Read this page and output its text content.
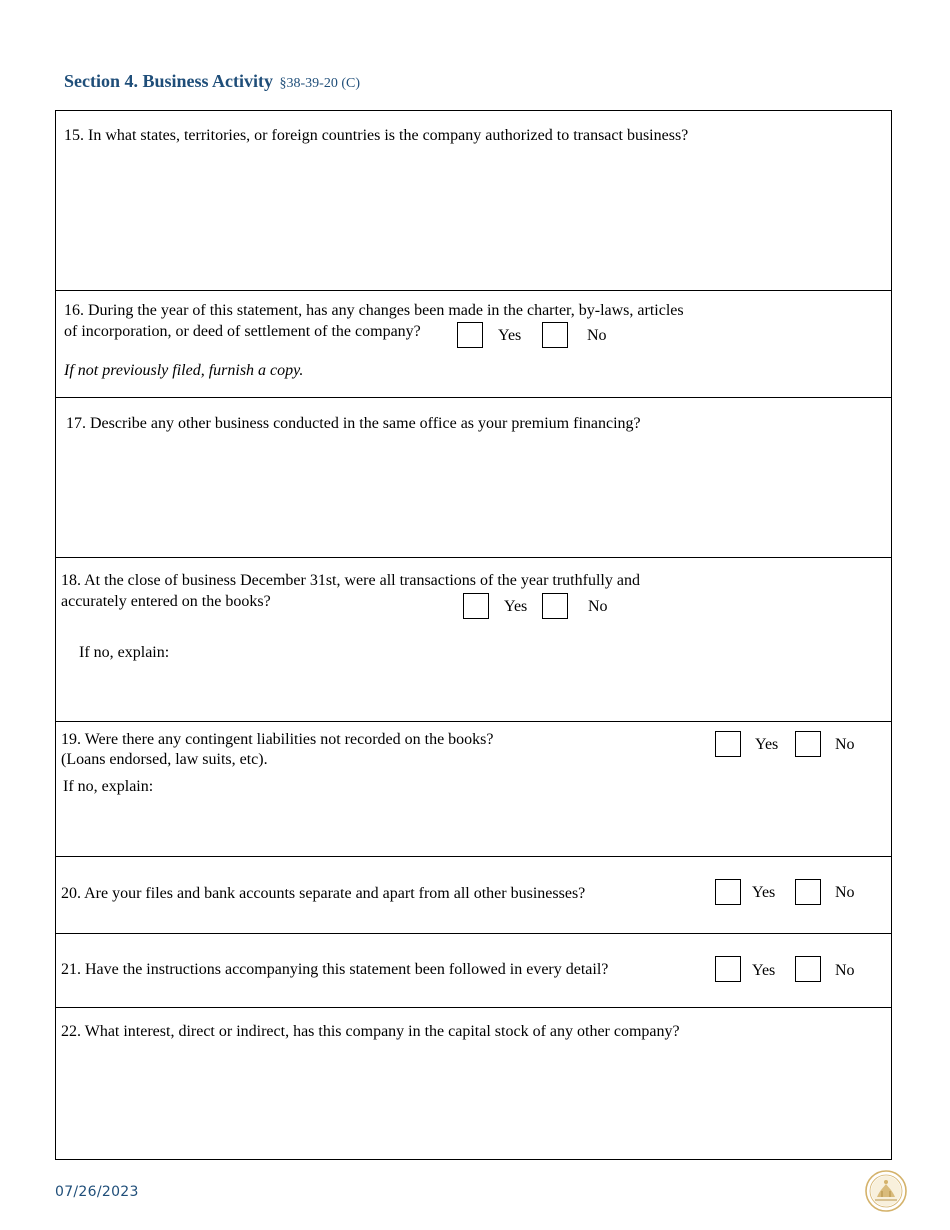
Section 4. Business Activity §38-39-20 (C)
15. In what states, territories, or foreign countries is the company authorized to transact business?
16. During the year of this statement, has any changes been made in the charter, by-laws, articles
of incorporation, or deed of settlement of the company?	Yes	No
If not previously filed, furnish a copy.
17. Describe any other business conducted in the same office as your premium financing?
18. At the close of business December 31st, were all transactions of the year truthfully and
accurately entered on the books?	Yes	No
If no, explain:
19. Were there any contingent liabilities not recorded on the books?
(Loans endorsed, law suits, etc).
Yes	No
If no, explain:
20. Are your files and bank accounts separate and apart from all other businesses?	Yes	No
21. Have the instructions accompanying this statement been followed in every detail?	Yes	No
22. What interest, direct or indirect, has this company in the capital stock of any other company?
07/26/2023
